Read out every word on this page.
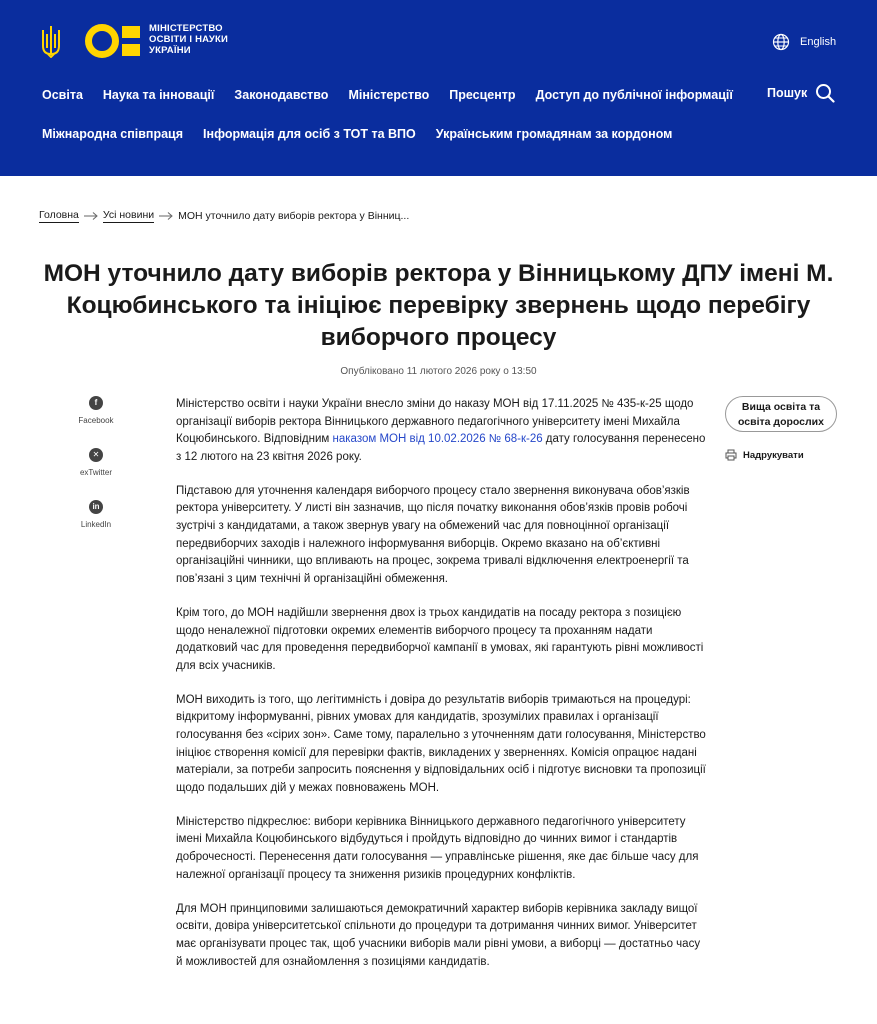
МІНІСТЕРСТВО
ОСВІТИ І НАУКИ
УКРАЇНИ
English
Освіта Наука та інновації Законодавство Міністерство Пресцентр Доступ до публічної інформації
Міжнародна співпраця Інформація для осіб з ТОТ та ВПО Українським громадянам за кордоном
Пошук
Головна Усі новини МОН уточнило дату виборів ректора у Вінниц...
МОН уточнило дату виборів ректора у Вінницькому ДПУ імені М. Коцюбинського та ініціює перевірку звернень щодо перебігу виборчого процесу
Опубліковано 11 лютого 2026 року о 13:50
f
Facebook
✕
exTwitter
in
LinkedIn

Міністерство освіти і науки України внесло зміни до наказу МОН від 17.11.2025 № 435-к-25 щодо організації виборів ректора Вінницького державного педагогічного університету імені Михайла Коцюбинського. Відповідним наказом МОН від 10.02.2026 № 68-к-26 дату голосування перенесено з 12 лютого на 23 квітня 2026 року.

Підставою для уточнення календаря виборчого процесу стало звернення виконувача обов’язків ректора університету. У листі він зазначив, що після початку виконання обов’язків провів робочі зустрічі з кандидатами, а також звернув увагу на обмежений час для повноцінної організації передвиборчих заходів і належного інформування виборців. Окремо вказано на об’єктивні організаційні чинники, що впливають на процес, зокрема тривалі відключення електроенергії та пов’язані з цим технічні й організаційні обмеження.

Крім того, до МОН надійшли звернення двох із трьох кандидатів на посаду ректора з позицією щодо неналежної підготовки окремих елементів виборчого процесу та проханням надати додатковий час для проведення передвиборчої кампанії в умовах, які гарантують рівні можливості для всіх учасників.

МОН виходить із того, що легітимність і довіра до результатів виборів тримаються на процедурі: відкритому інформуванні, рівних умовах для кандидатів, зрозумілих правилах і організації голосування без «сірих зон». Саме тому, паралельно з уточненням дати голосування, Міністерство ініціює створення комісії для перевірки фактів, викладених у зверненнях. Комісія опрацює надані матеріали, за потреби запросить пояснення у відповідальних осіб і підготує висновки та пропозиції щодо подальших дій у межах повноважень МОН.

Міністерство підкреслює: вибори керівника Вінницького державного педагогічного університету імені Михайла Коцюбинського відбудуться і пройдуть відповідно до чинних вимог і стандартів доброчесності. Перенесення дати голосування — управлінське рішення, яке дає більше часу для належної організації процесу та зниження ризиків процедурних конфліктів.

Для МОН принциповими залишаються демократичний характер виборів керівника закладу вищої освіти, довіра університетської спільноти до процедури та дотримання чинних вимог. Університет має організувати процес так, щоб учасники виборів мали рівні умови, а виборці — достатньо часу й можливостей для ознайомлення з позиціями кандидатів.

Вища освіта та освіта дорослих
Надрукувати
